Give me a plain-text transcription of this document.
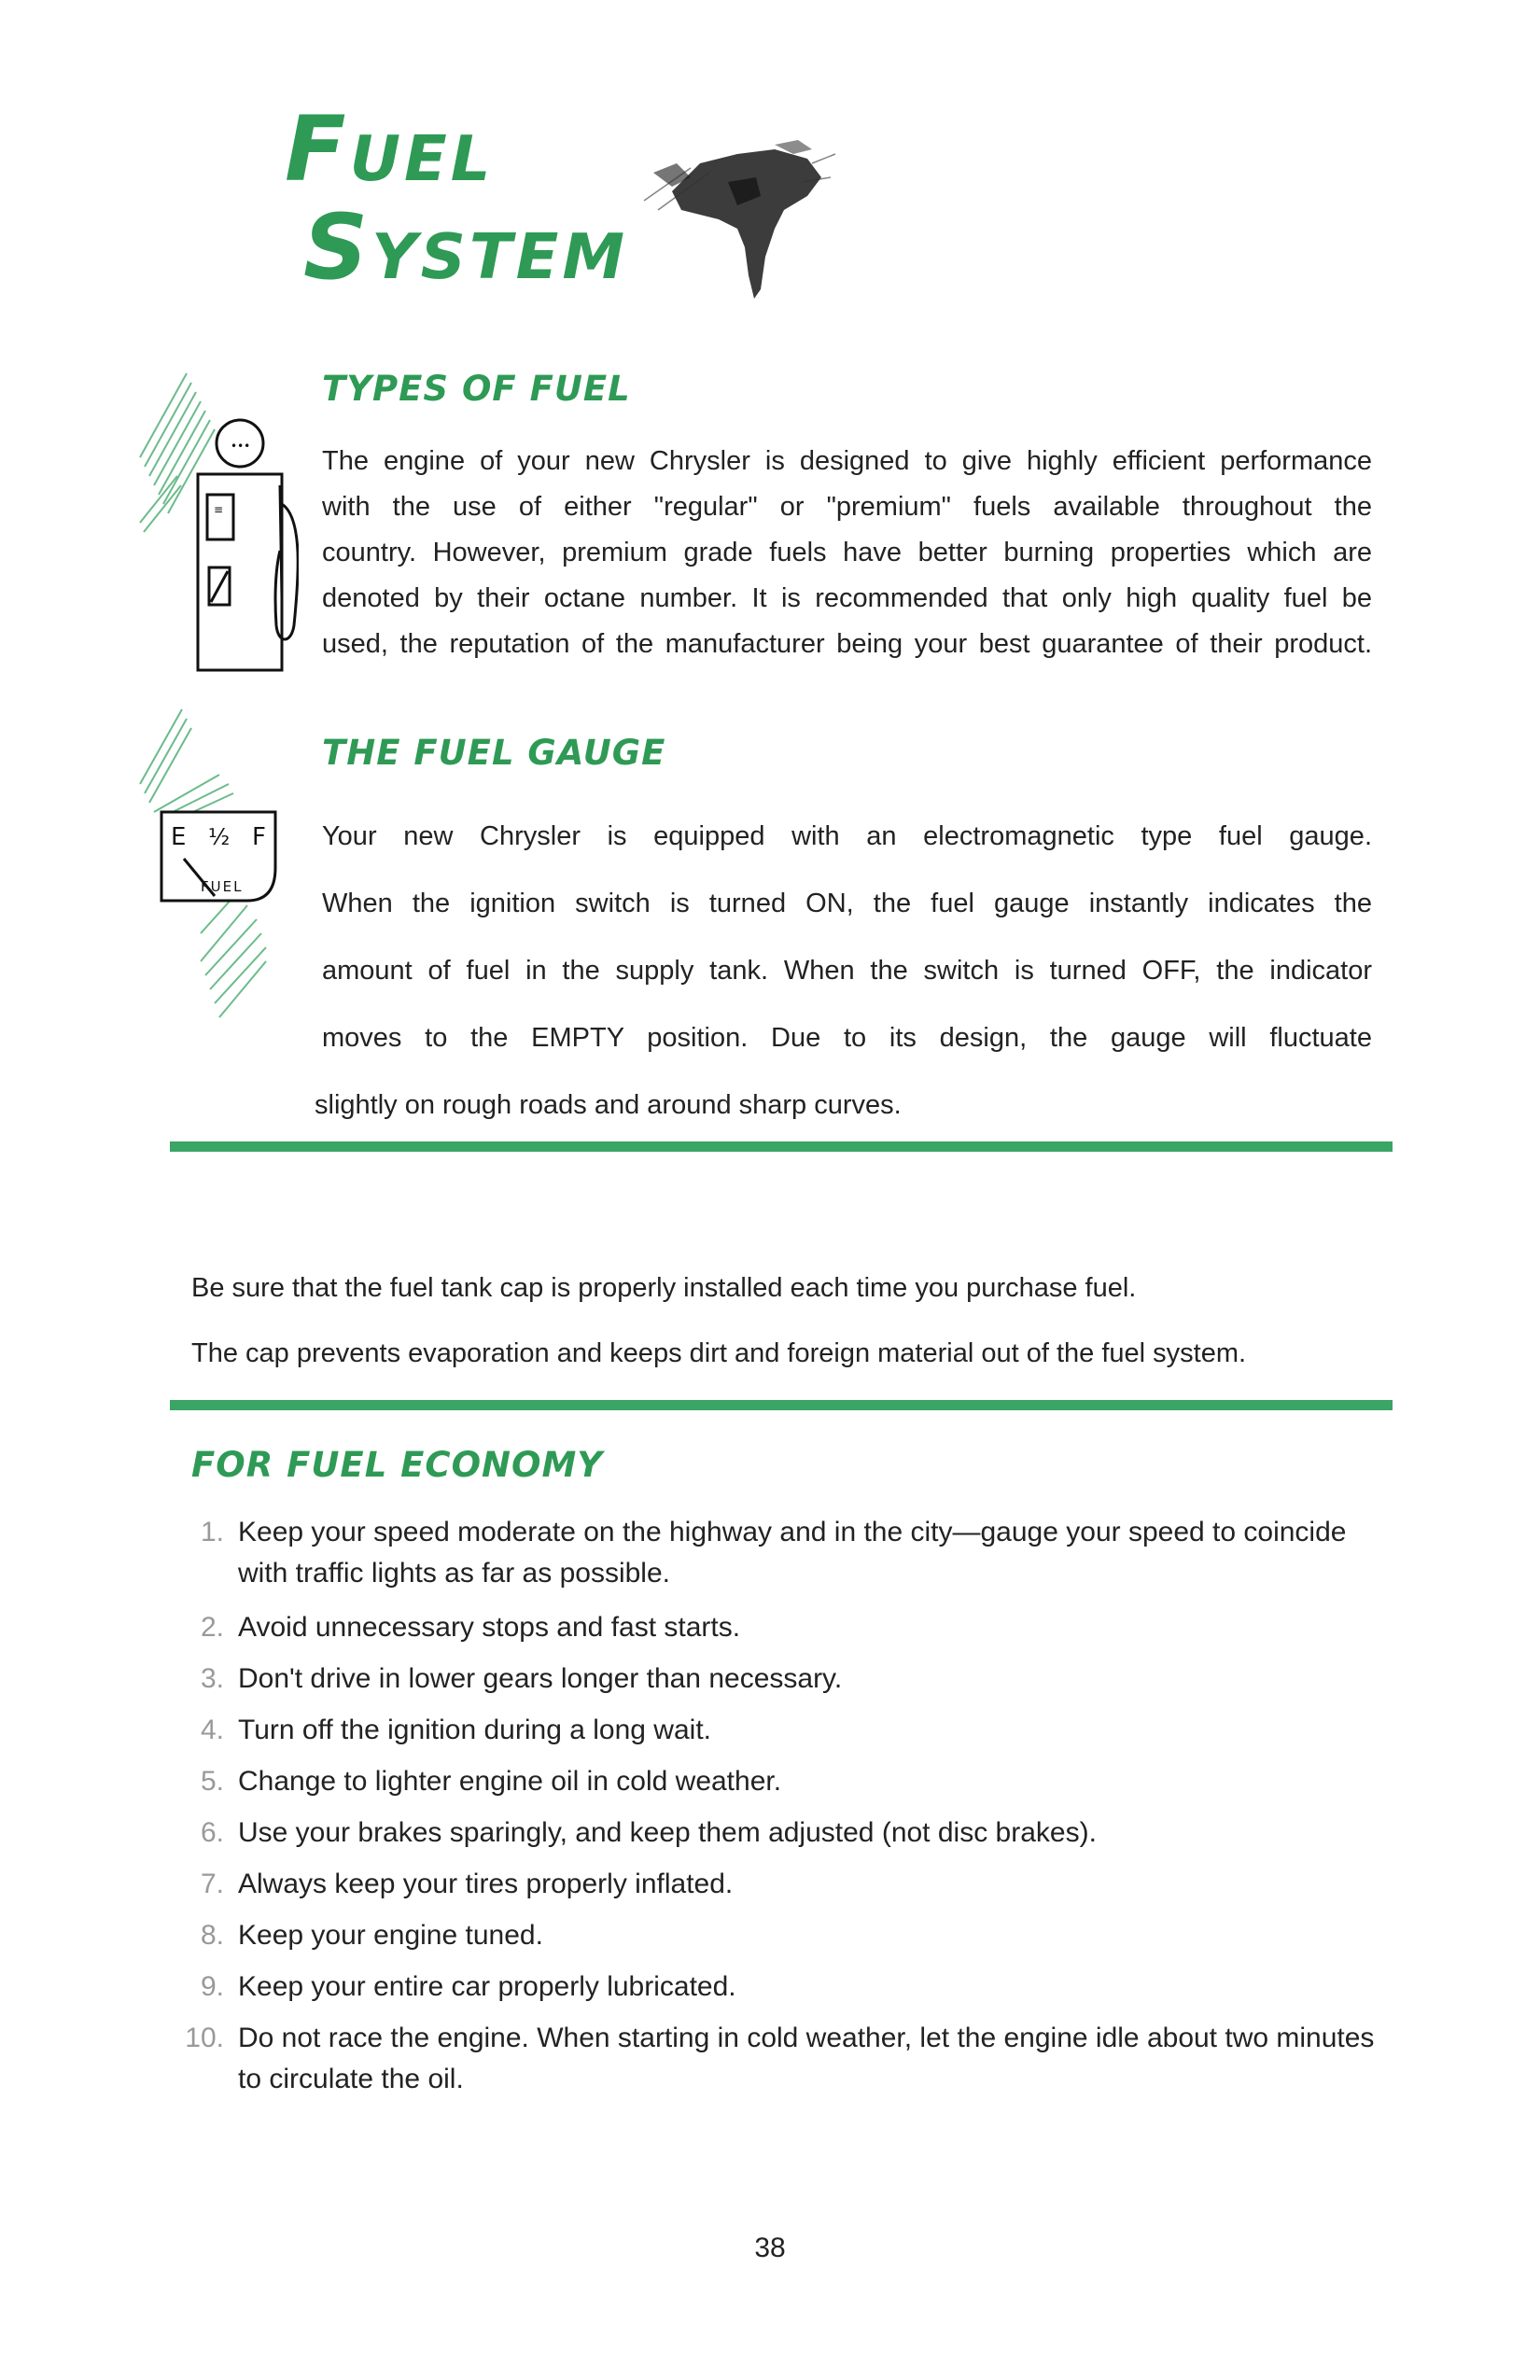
Fuel
System
•••
≡
TYPES OF FUEL
The engine of your new Chrysler is designed to give highly efficient performance
with the use of either "regular" or "premium" fuels available throughout the
country. However, premium grade fuels have better burning properties which are
denoted by their octane number. It is recommended that only high quality fuel be
used, the reputation of the manufacturer being your best guarantee of their product.
E ½ F
FUEL
THE FUEL GAUGE
Your new Chrysler is equipped with an electromagnetic type fuel gauge.
When the ignition switch is turned ON, the fuel gauge instantly indicates the
amount of fuel in the supply tank. When the switch is turned OFF, the indicator
moves to the EMPTY position. Due to its design, the gauge will fluctuate
slightly on rough roads and around sharp curves.
Be sure that the fuel tank cap is properly installed each time you purchase fuel.
The cap prevents evaporation and keeps dirt and foreign material out of the fuel system.
FOR FUEL ECONOMY
1. Keep your speed moderate on the highway and in the city—gauge your speed to coincide with traffic lights as far as possible.
2. Avoid unnecessary stops and fast starts.
3. Don't drive in lower gears longer than necessary.
4. Turn off the ignition during a long wait.
5. Change to lighter engine oil in cold weather.
6. Use your brakes sparingly, and keep them adjusted (not disc brakes).
7. Always keep your tires properly inflated.
8. Keep your engine tuned.
9. Keep your entire car properly lubricated.
10. Do not race the engine. When starting in cold weather, let the engine idle about two minutes to circulate the oil.
38
